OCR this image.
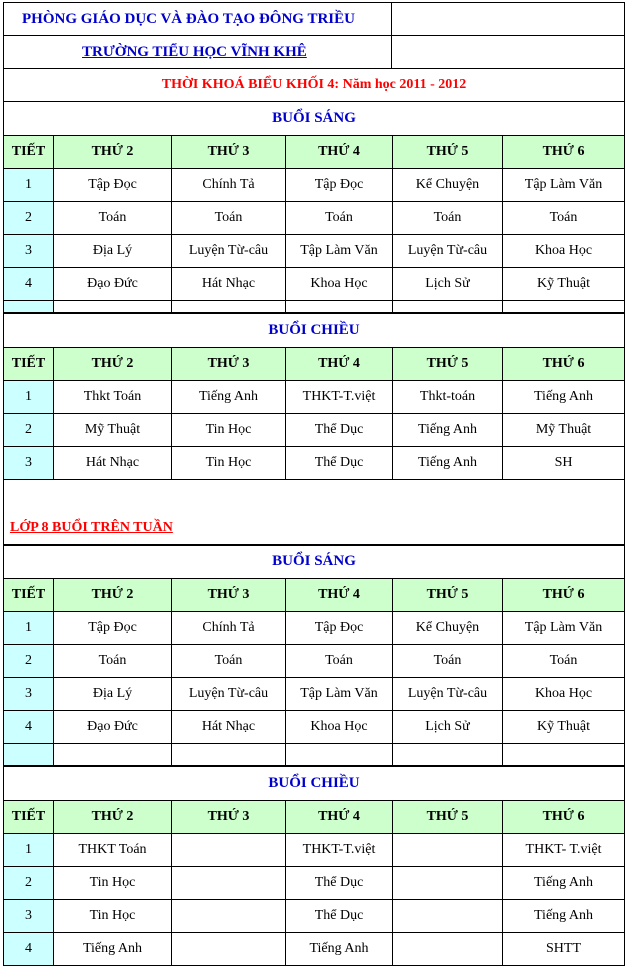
PHÒNG GIÁO DỤC VÀ ĐÀO TẠO ĐÔNG TRIỀU	
TRƯỜNG TIỂU HỌC VĨNH KHÊ	
THỜI KHOÁ BIỂU KHỐI 4: Năm học 2011 - 2012	
BUỔI SÁNG					
TIẾT	THỨ 2	THỨ 3	THỨ 4	THỨ 5	THỨ 6
1	Tập Đọc	Chính Tả	Tập Đọc	Kể Chuyện	Tập Làm Văn
2	Toán	Toán	Toán	Toán	Toán
3	Địa Lý	Luyện Từ-câu	Tập Làm Văn	Luyện Từ-câu	Khoa Học
4	Đạo Đức	Hát Nhạc	Khoa Học	Lịch Sử	Kỹ Thuật

BUỔI CHIỀU					
TIẾT	THỨ 2	THỨ 3	THỨ 4	THỨ 5	THỨ 6
1	Thkt Toán	Tiếng Anh	THKT-T.việt	Thkt-toán	Tiếng Anh
2	Mỹ Thuật	Tin Học	Thể Dục	Tiếng Anh	Mỹ Thuật
3	Hát Nhạc	Tin Học	Thể Dục	Tiếng Anh	SH

LỚP 8 BUỔI TRÊN TUẦN
BUỔI SÁNG					
TIẾT	THỨ 2	THỨ 3	THỨ 4	THỨ 5	THỨ 6
1	Tập Đọc	Chính Tả	Tập Đọc	Kể Chuyện	Tập Làm Văn
2	Toán	Toán	Toán	Toán	Toán
3	Địa Lý	Luyện Từ-câu	Tập Làm Văn	Luyện Từ-câu	Khoa Học
4	Đạo Đức	Hát Nhạc	Khoa Học	Lịch Sử	Kỹ Thuật

BUỔI CHIỀU					
TIẾT	THỨ 2	THỨ 3	THỨ 4	THỨ 5	THỨ 6
1	THKT Toán		THKT-T.việt		THKT- T.việt
2	Tin Học		Thể Dục		Tiếng Anh
3	Tin Học		Thể Dục		Tiếng Anh
4	Tiếng Anh		Tiếng Anh		SHTT
